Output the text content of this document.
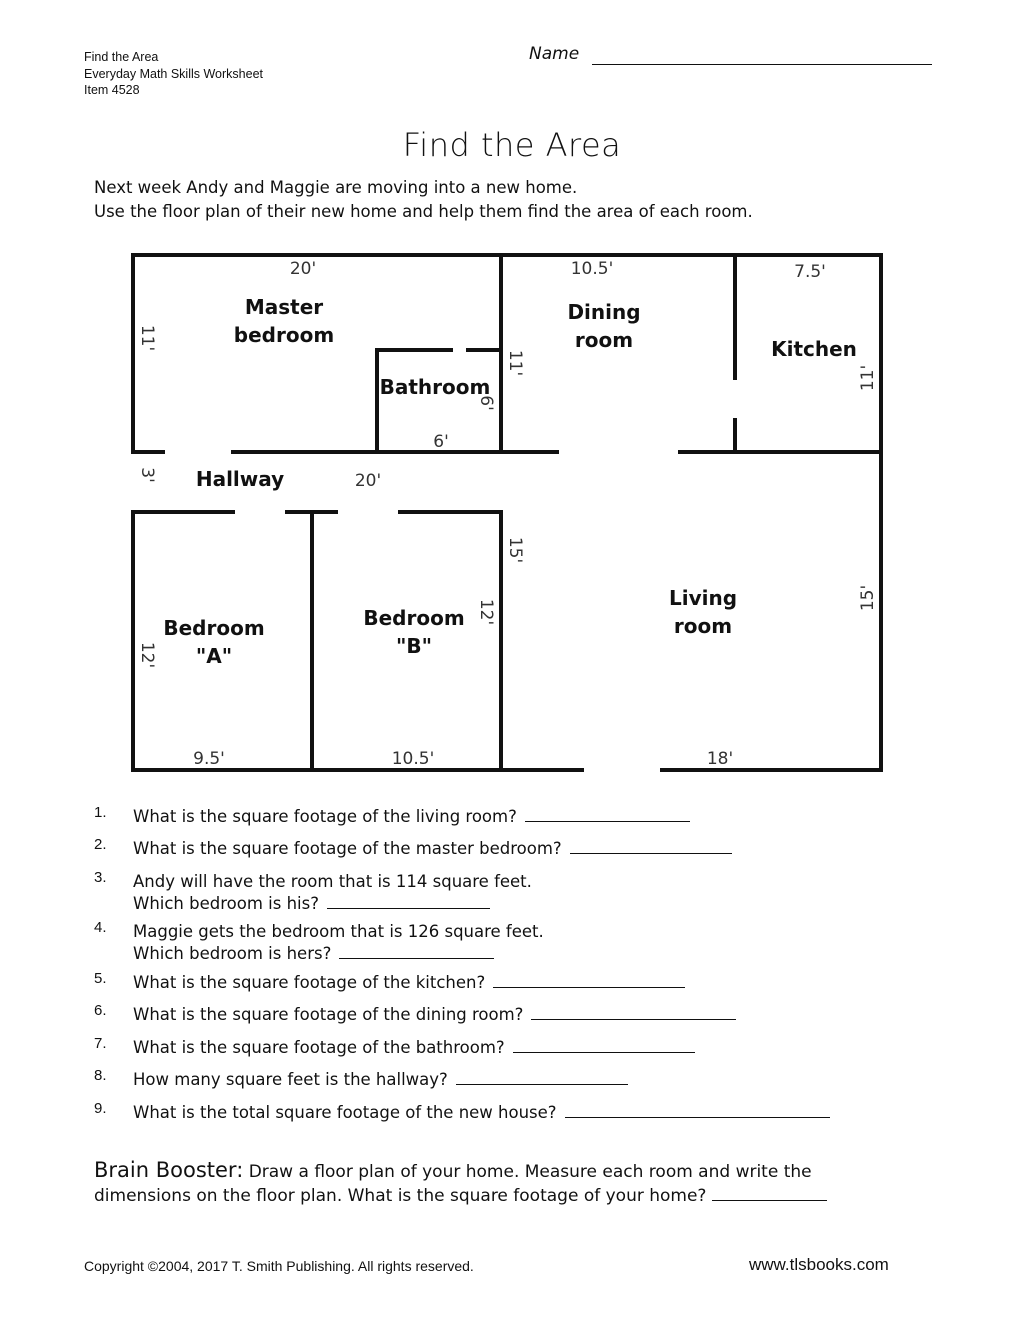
Find the Area
Everyday Math Skills Worksheet
Item 4528
Name
Find the Area
Next week Andy and Maggie are moving into a new home.
Use the floor plan of their new home and help them find the area of each room.
Master
bedroom
Dining
room	Kitchen
Bathroom
Hallway
Bedroom
"A"
Bedroom
"B"
Living
room
20'	10.5'	7.5'
6'
20'
9.5'	10.5'	18'
11'
11'
11'
6'
3'
12'
12'
15'
15'
1. What is the square footage of the living room?
2. What is the square footage of the master bedroom?
3. Andy will have the room that is 114 square feet.
Which bedroom is his?
4. Maggie gets the bedroom that is 126 square feet.
Which bedroom is hers?
5. What is the square footage of the kitchen?
6. What is the square footage of the dining room?
7. What is the square footage of the bathroom?
8. How many square feet is the hallway?
9. What is the total square footage of the new house?
Brain Booster: Draw a floor plan of your home. Measure each room and write the
dimensions on the floor plan. What is the square footage of your home?
Copyright ©2004, 2017 T. Smith Publishing. All rights reserved.	www.tlsbooks.com
